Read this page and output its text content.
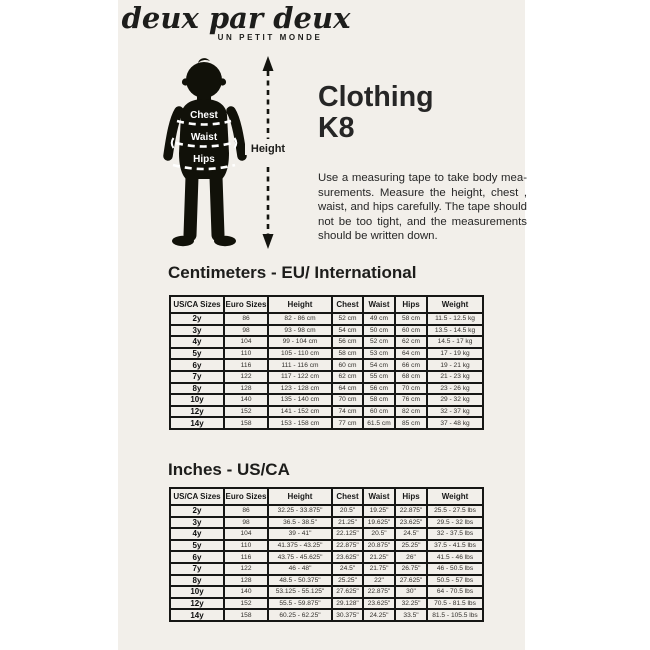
deux par deux
UN PETIT MONDE
Chest
Waist
Hips
Height
Clothing
K8
Use a measuring tape to take body mea-
surements. Measure the height, chest ,
waist, and hips carefully. The tape should
not be too tight, and the measurements
should be written down.
Centimeters - EU/ International
US/CA Sizes	Euro Sizes	Height	Chest	Waist	Hips	Weight
2y	86	82 - 86 cm	52 cm	49 cm	58 cm	11.5 - 12.5 kg
3y	98	93 - 98 cm	54 cm	50 cm	60 cm	13.5 - 14.5 kg
4y	104	99 - 104 cm	56 cm	52 cm	62 cm	14.5 - 17 kg
5y	110	105 - 110 cm	58 cm	53 cm	64 cm	17 - 19 kg
6y	116	111 - 116 cm	60 cm	54 cm	66 cm	19 - 21 kg
7y	122	117 - 122 cm	62 cm	55 cm	68 cm	21 - 23 kg
8y	128	123 - 128 cm	64 cm	56 cm	70 cm	23 - 26 kg
10y	140	135 - 140 cm	70 cm	58 cm	76 cm	29 - 32 kg
12y	152	141 - 152 cm	74 cm	60 cm	82 cm	32 - 37 kg
14y	158	153 - 158 cm	77 cm	61.5 cm	85 cm	37 - 48 kg
Inches - US/CA
US/CA Sizes	Euro Sizes	Height	Chest	Waist	Hips	Weight
2y	86	32.25 - 33.875"	20.5"	19.25"	22.875"	25.5 - 27.5 lbs
3y	98	36.5 - 38.5"	21.25"	19.625"	23.625"	29.5 - 32 lbs
4y	104	39 - 41"	22.125"	20.5"	24.5"	32 - 37.5 lbs
5y	110	41.375 - 43.25"	22.875"	20.875"	25.25"	37.5 - 41.5 lbs
6y	116	43.75 - 45.625"	23.625"	21.25"	26"	41.5 - 46 lbs
7y	122	46 - 48"	24.5"	21.75"	26.75"	46 - 50.5 lbs
8y	128	48.5 - 50.375"	25.25"	22"	27.625"	50.5 - 57 lbs
10y	140	53.125 - 55.125"	27.625"	22.875"	30"	64 - 70.5 lbs
12y	152	55.5 - 59.875"	29.128"	23.625"	32.25"	70.5 - 81.5 lbs
14y	158	60.25 - 62.25"	30.375"	24.25"	33.5"	81.5 - 105.5 lbs
